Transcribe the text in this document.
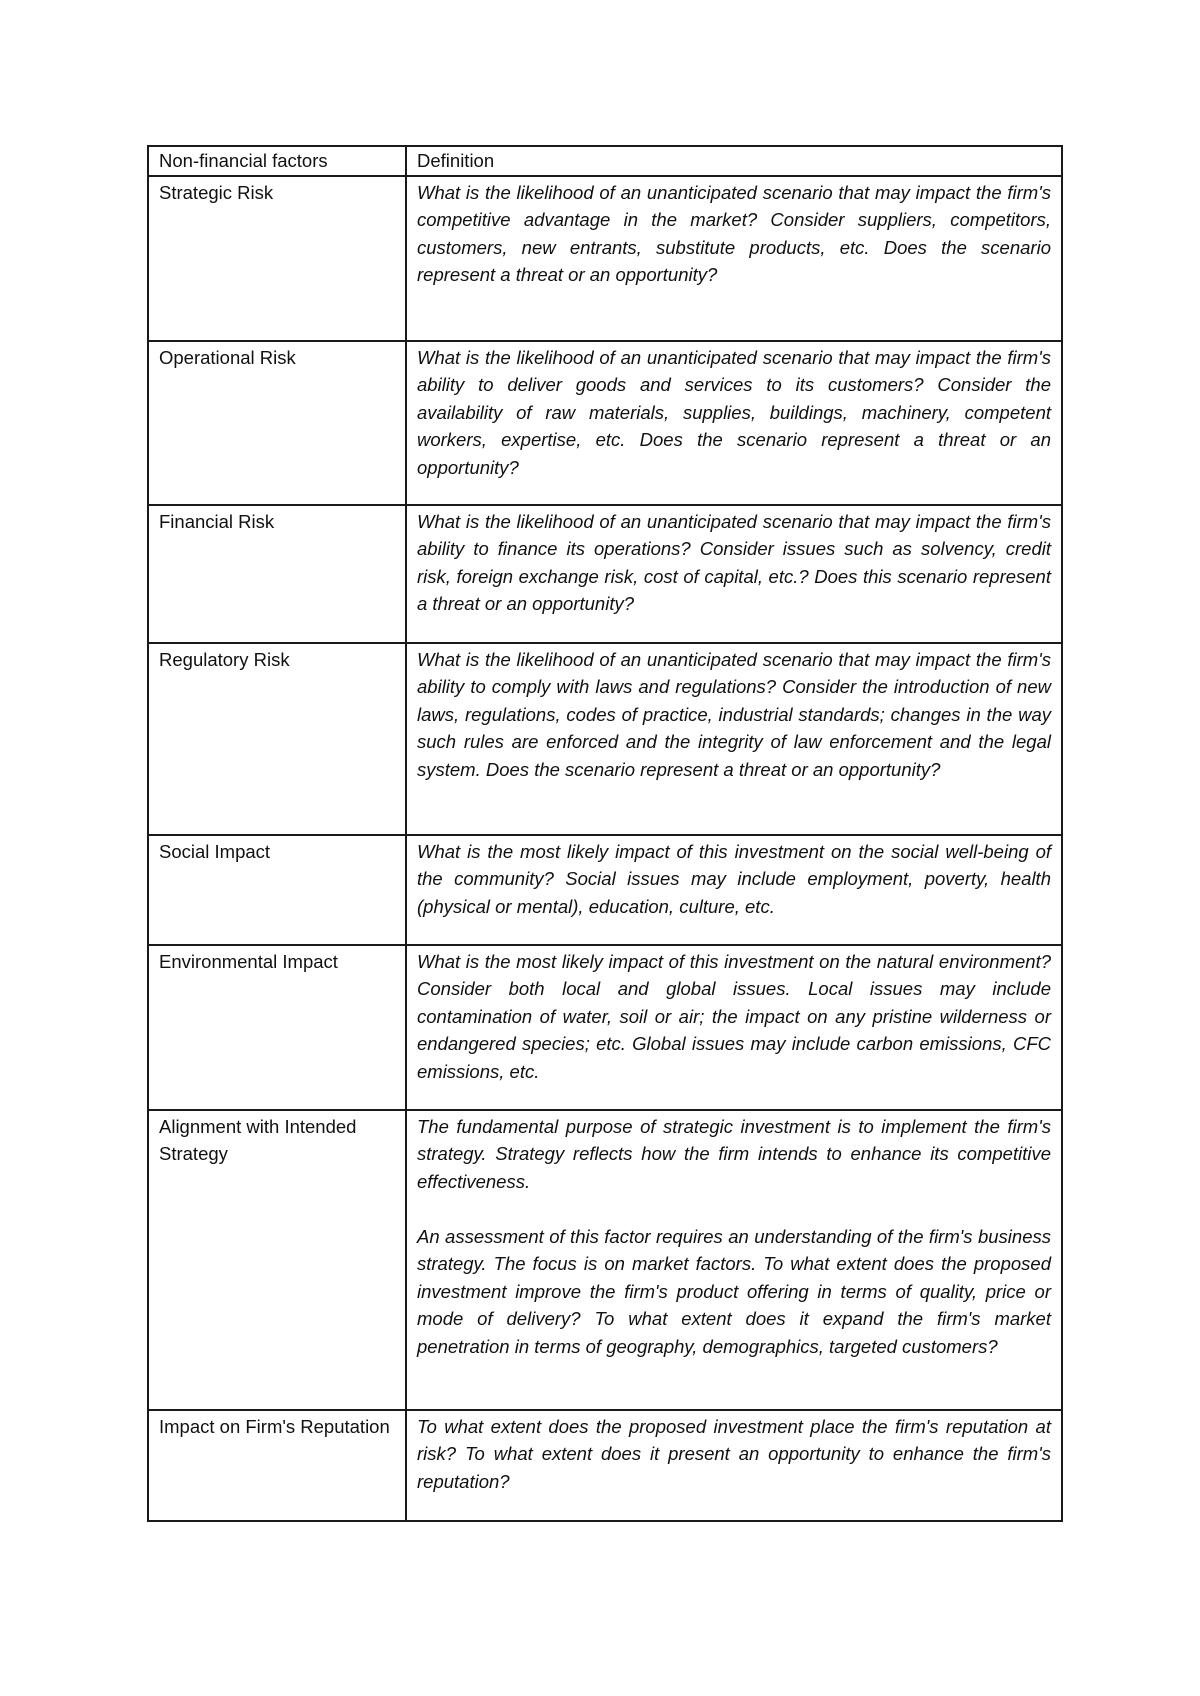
Non-financial factors	Definition
Strategic Risk	What is the likelihood of an unanticipated scenario that may impact the firm's competitive advantage in the market? Consider suppliers, competitors, customers, new entrants, substitute products, etc. Does the scenario represent a threat or an opportunity?

Operational Risk	What is the likelihood of an unanticipated scenario that may impact the firm's ability to deliver goods and services to its customers? Consider the availability of raw materials, supplies, buildings, machinery, competent workers, expertise, etc. Does the scenario represent a threat or an opportunity?

Financial Risk	What is the likelihood of an unanticipated scenario that may impact the firm's ability to finance its operations? Consider issues such as solvency, credit risk, foreign exchange risk, cost of capital, etc.? Does this scenario represent a threat or an opportunity?

Regulatory Risk	What is the likelihood of an unanticipated scenario that may impact the firm's ability to comply with laws and regulations? Consider the introduction of new laws, regulations, codes of practice, industrial standards; changes in the way such rules are enforced and the integrity of law enforcement and the legal system. Does the scenario represent a threat or an opportunity?

Social Impact	What is the most likely impact of this investment on the social well-being of the community? Social issues may include employment, poverty, health (physical or mental), education, culture, etc.

Environmental Impact	What is the most likely impact of this investment on the natural environment? Consider both local and global issues. Local issues may include contamination of water, soil or air; the impact on any pristine wilderness or endangered species; etc. Global issues may include carbon emissions, CFC emissions, etc.

Alignment with Intended Strategy	The fundamental purpose of strategic investment is to implement the firm's strategy. Strategy reflects how the firm intends to enhance its competitive effectiveness.
An assessment of this factor requires an understanding of the firm's business strategy. The focus is on market factors. To what extent does the proposed investment improve the firm's product offering in terms of quality, price or mode of delivery? To what extent does it expand the firm's market penetration in terms of geography, demographics, targeted customers?

Impact on Firm's Reputation	To what extent does the proposed investment place the firm's reputation at risk? To what extent does it present an opportunity to enhance the firm's reputation?
